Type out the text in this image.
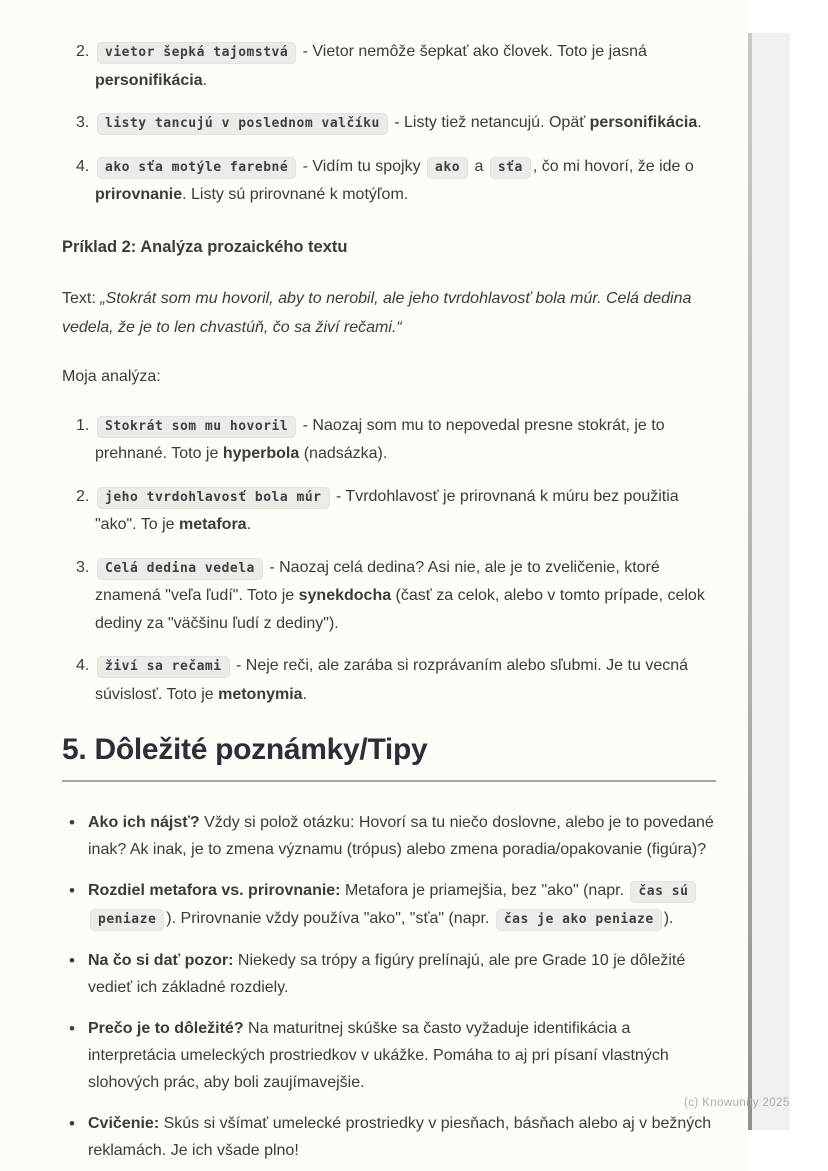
2. vietor šepká tajomstvá - Vietor nemôže šepkať ako človek. Toto je jasná personifikácia.
3. listy tancujú v poslednom valčíku - Listy tiež netancujú. Opäť personifikácia.
4. ako sťa motýle farebné - Vidím tu spojky ako a sťa , čo mi hovorí, že ide o prirovnanie. Listy sú prirovnané k motýľom.
Príklad 2: Analýza prozaického textu

Text: „Stokrát som mu hovoril, aby to nerobil, ale jeho tvrdohlavosť bola múr. Celá dedina vedela, že je to len chvastúň, čo sa živí rečami.“

Moja analýza:

1. Stokrát som mu hovoril - Naozaj som mu to nepovedal presne stokrát, je to prehnané. Toto je hyperbola (nadsázka).
2. jeho tvrdohlavosť bola múr - Tvrdohlavosť je prirovnaná k múru bez použitia "ako". To je metafora.
3. Celá dedina vedela - Naozaj celá dedina? Asi nie, ale je to zveličenie, ktoré znamená "veľa ľudí". Toto je synekdocha (časť za celok, alebo v tomto prípade, celok dediny za "väčšinu ľudí z dediny").
4. živí sa rečami - Neje reči, ale zarába si rozprávaním alebo sľubmi. Je tu vecná súvislosť. Toto je metonymia.
5. Dôležité poznámky/Tipy
• Ako ich nájsť? Vždy si polož otázku: Hovorí sa tu niečo doslovne, alebo je to povedané inak? Ak inak, je to zmena významu (trópus) alebo zmena poradia/opakovanie (figúra)?
• Rozdiel metafora vs. prirovnanie: Metafora je priamejšia, bez "ako" (napr. čas sú peniaze ). Prirovnanie vždy používa "ako", "sťa" (napr. čas je ako peniaze ).
• Na čo si dať pozor: Niekedy sa trópy a figúry prelínajú, ale pre Grade 10 je dôležité vedieť ich základné rozdiely.
• Prečo je to dôležité? Na maturitnej skúške sa často vyžaduje identifikácia a interpretácia umeleckých prostriedkov v ukážke. Pomáha to aj pri písaní vlastných slohových prác, aby boli zaujímavejšie.
• Cvičenie: Skús si všímať umelecké prostriedky v piesňach, básňach alebo aj v bežných reklamách. Je ich všade plno!
(c) Knowunity 2025
